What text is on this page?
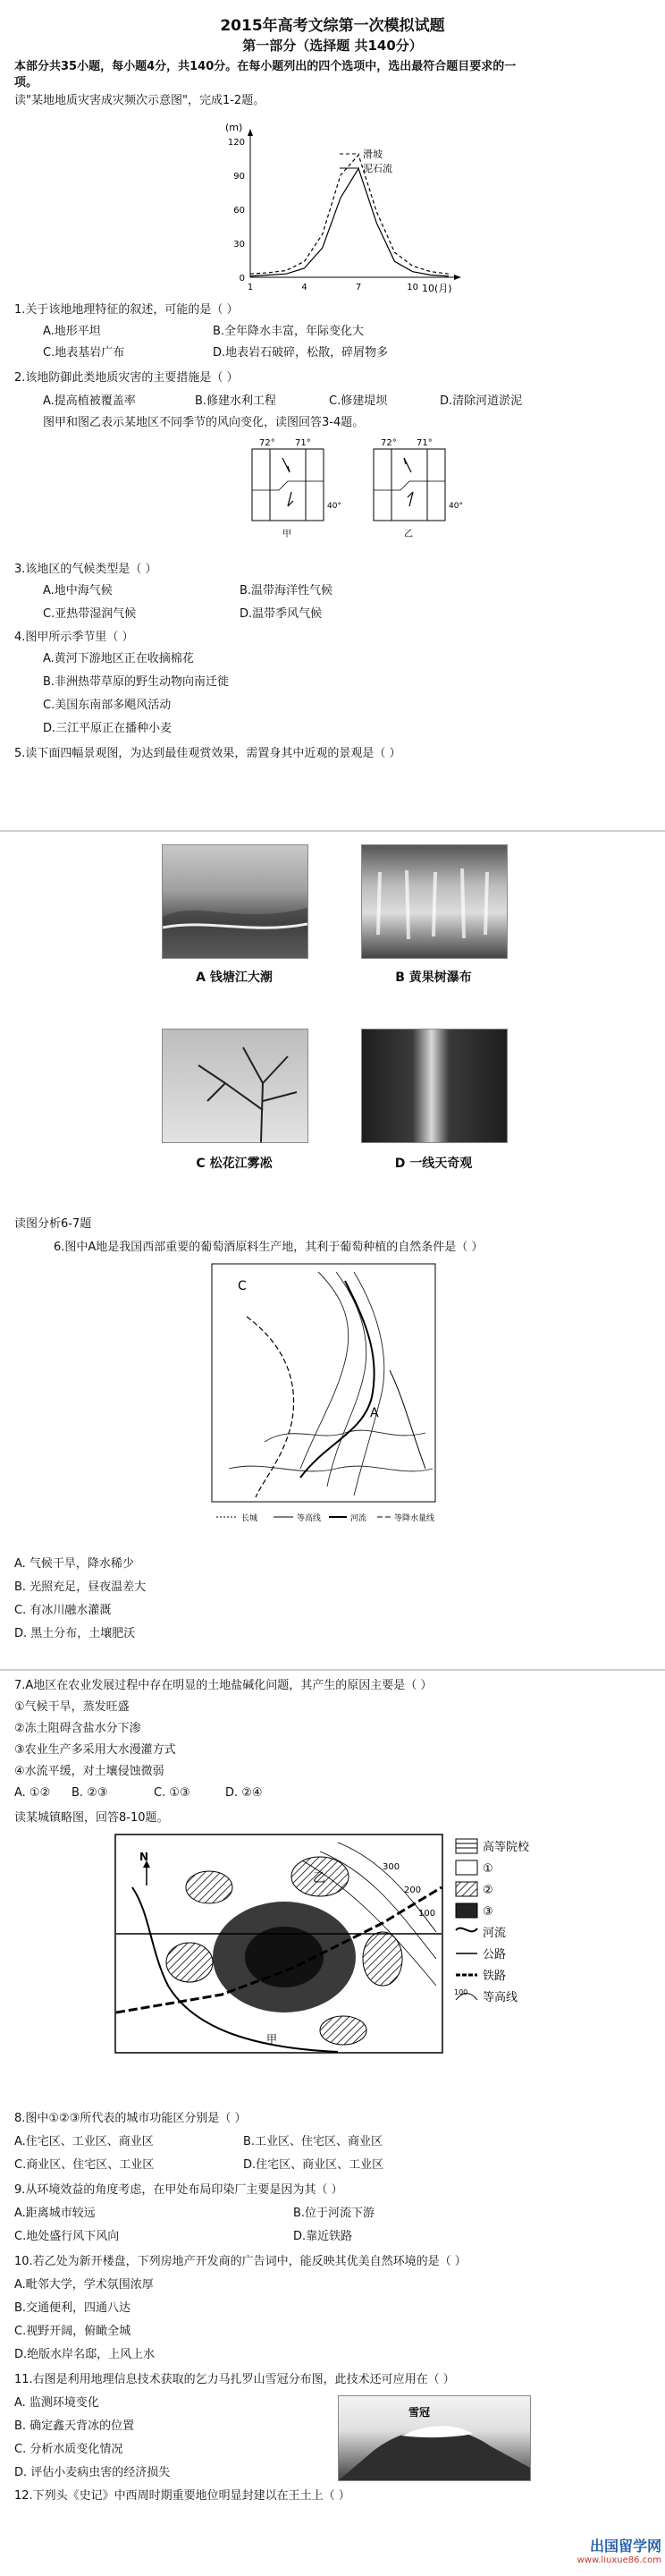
2015年高考文综第一次模拟试题
第一部分（选择题 共140分）
本部分共35小题，每小题4分，共140分。在每小题列出的四个选项中，选出最符合题目要求的一
项。
读"某地地质灾害成灾频次示意图"，完成1-2题。
(m)
120
90
60
30
0
1	4	7	10 10(月)
滑坡
泥石流
1.关于该地地理特征的叙述，可能的是（ ）
A.地形平坦	B.全年降水丰富，年际变化大
C.地表基岩广布	D.地表岩石破碎，松散，碎屑物多
2.该地防御此类地质灾害的主要措施是（ ）
A.提高植被覆盖率	B.修建水利工程	C.修建堤坝	D.清除河道淤泥
图甲和图乙表示某地区不同季节的风向变化，读图回答3-4题。
72° 71°
40°
甲
72° 71°
40°
乙
3.该地区的气候类型是（ ）
A.地中海气候	B.温带海洋性气候
C.亚热带湿润气候	D.温带季风气候
4.图甲所示季节里（ ）
A.黄河下游地区正在收摘棉花
B.非洲热带草原的野生动物向南迁徙
C.美国东南部多飓风活动
D.三江平原正在播种小麦
5.读下面四幅景观图，为达到最佳观赏效果，需置身其中近观的景观是（ ）
A 钱塘江大潮	B 黄果树瀑布
C 松花江雾凇	D 一线天奇观
读图分析6-7题
6.图中A地是我国西部重要的葡萄酒原料生产地，其利于葡萄种植的自然条件是（ ）
C
A
长城	等高线	河流	等降水量线
A. 气候干旱，降水稀少
B. 光照充足，昼夜温差大
C. 有冰川融水灌溉
D. 黑土分布，土壤肥沃
7.A地区在农业发展过程中存在明显的土地盐碱化问题，其产生的原因主要是（ ）
①气候干旱，蒸发旺盛
②冻土阻碍含盐水分下渗
③农业生产多采用大水漫灌方式
④水流平缓，对土壤侵蚀微弱
A. ①② B. ②③	C. ①③	D. ②④
读某城镇略图，回答8-10题。
N
100
200
300
乙
甲
高等院校
①
②
③
河流
公路
铁路
100 等高线
8.图中①②③所代表的城市功能区分别是（ ）
A.住宅区、工业区、商业区	B.工业区、住宅区、商业区
C.商业区、住宅区、工业区	D.住宅区、商业区、工业区
9.从环境效益的角度考虑，在甲处布局印染厂主要是因为其（ ）
A.距离城市较远	B.位于河流下游
C.地处盛行风下风向	D.靠近铁路
10.若乙处为新开楼盘，下列房地产开发商的广告词中，能反映其优美自然环境的是（ ）
A.毗邻大学，学术氛围浓厚
B.交通便利，四通八达
C.视野开阔，俯瞰全城
D.绝版水岸名邸，上风上水
11.右图是利用地理信息技术获取的乞力马扎罗山雪冠分布图，此技术还可应用在（ ）
A. 监测环境变化
B. 确定鑫天背冰的位置
C. 分析水质变化情况
D. 评估小麦病虫害的经济损失
雪冠
12.下列头《史记》中西周时期重要地位明显封建以在王土上（ ）
出国留学网
www.liuxue86.com
